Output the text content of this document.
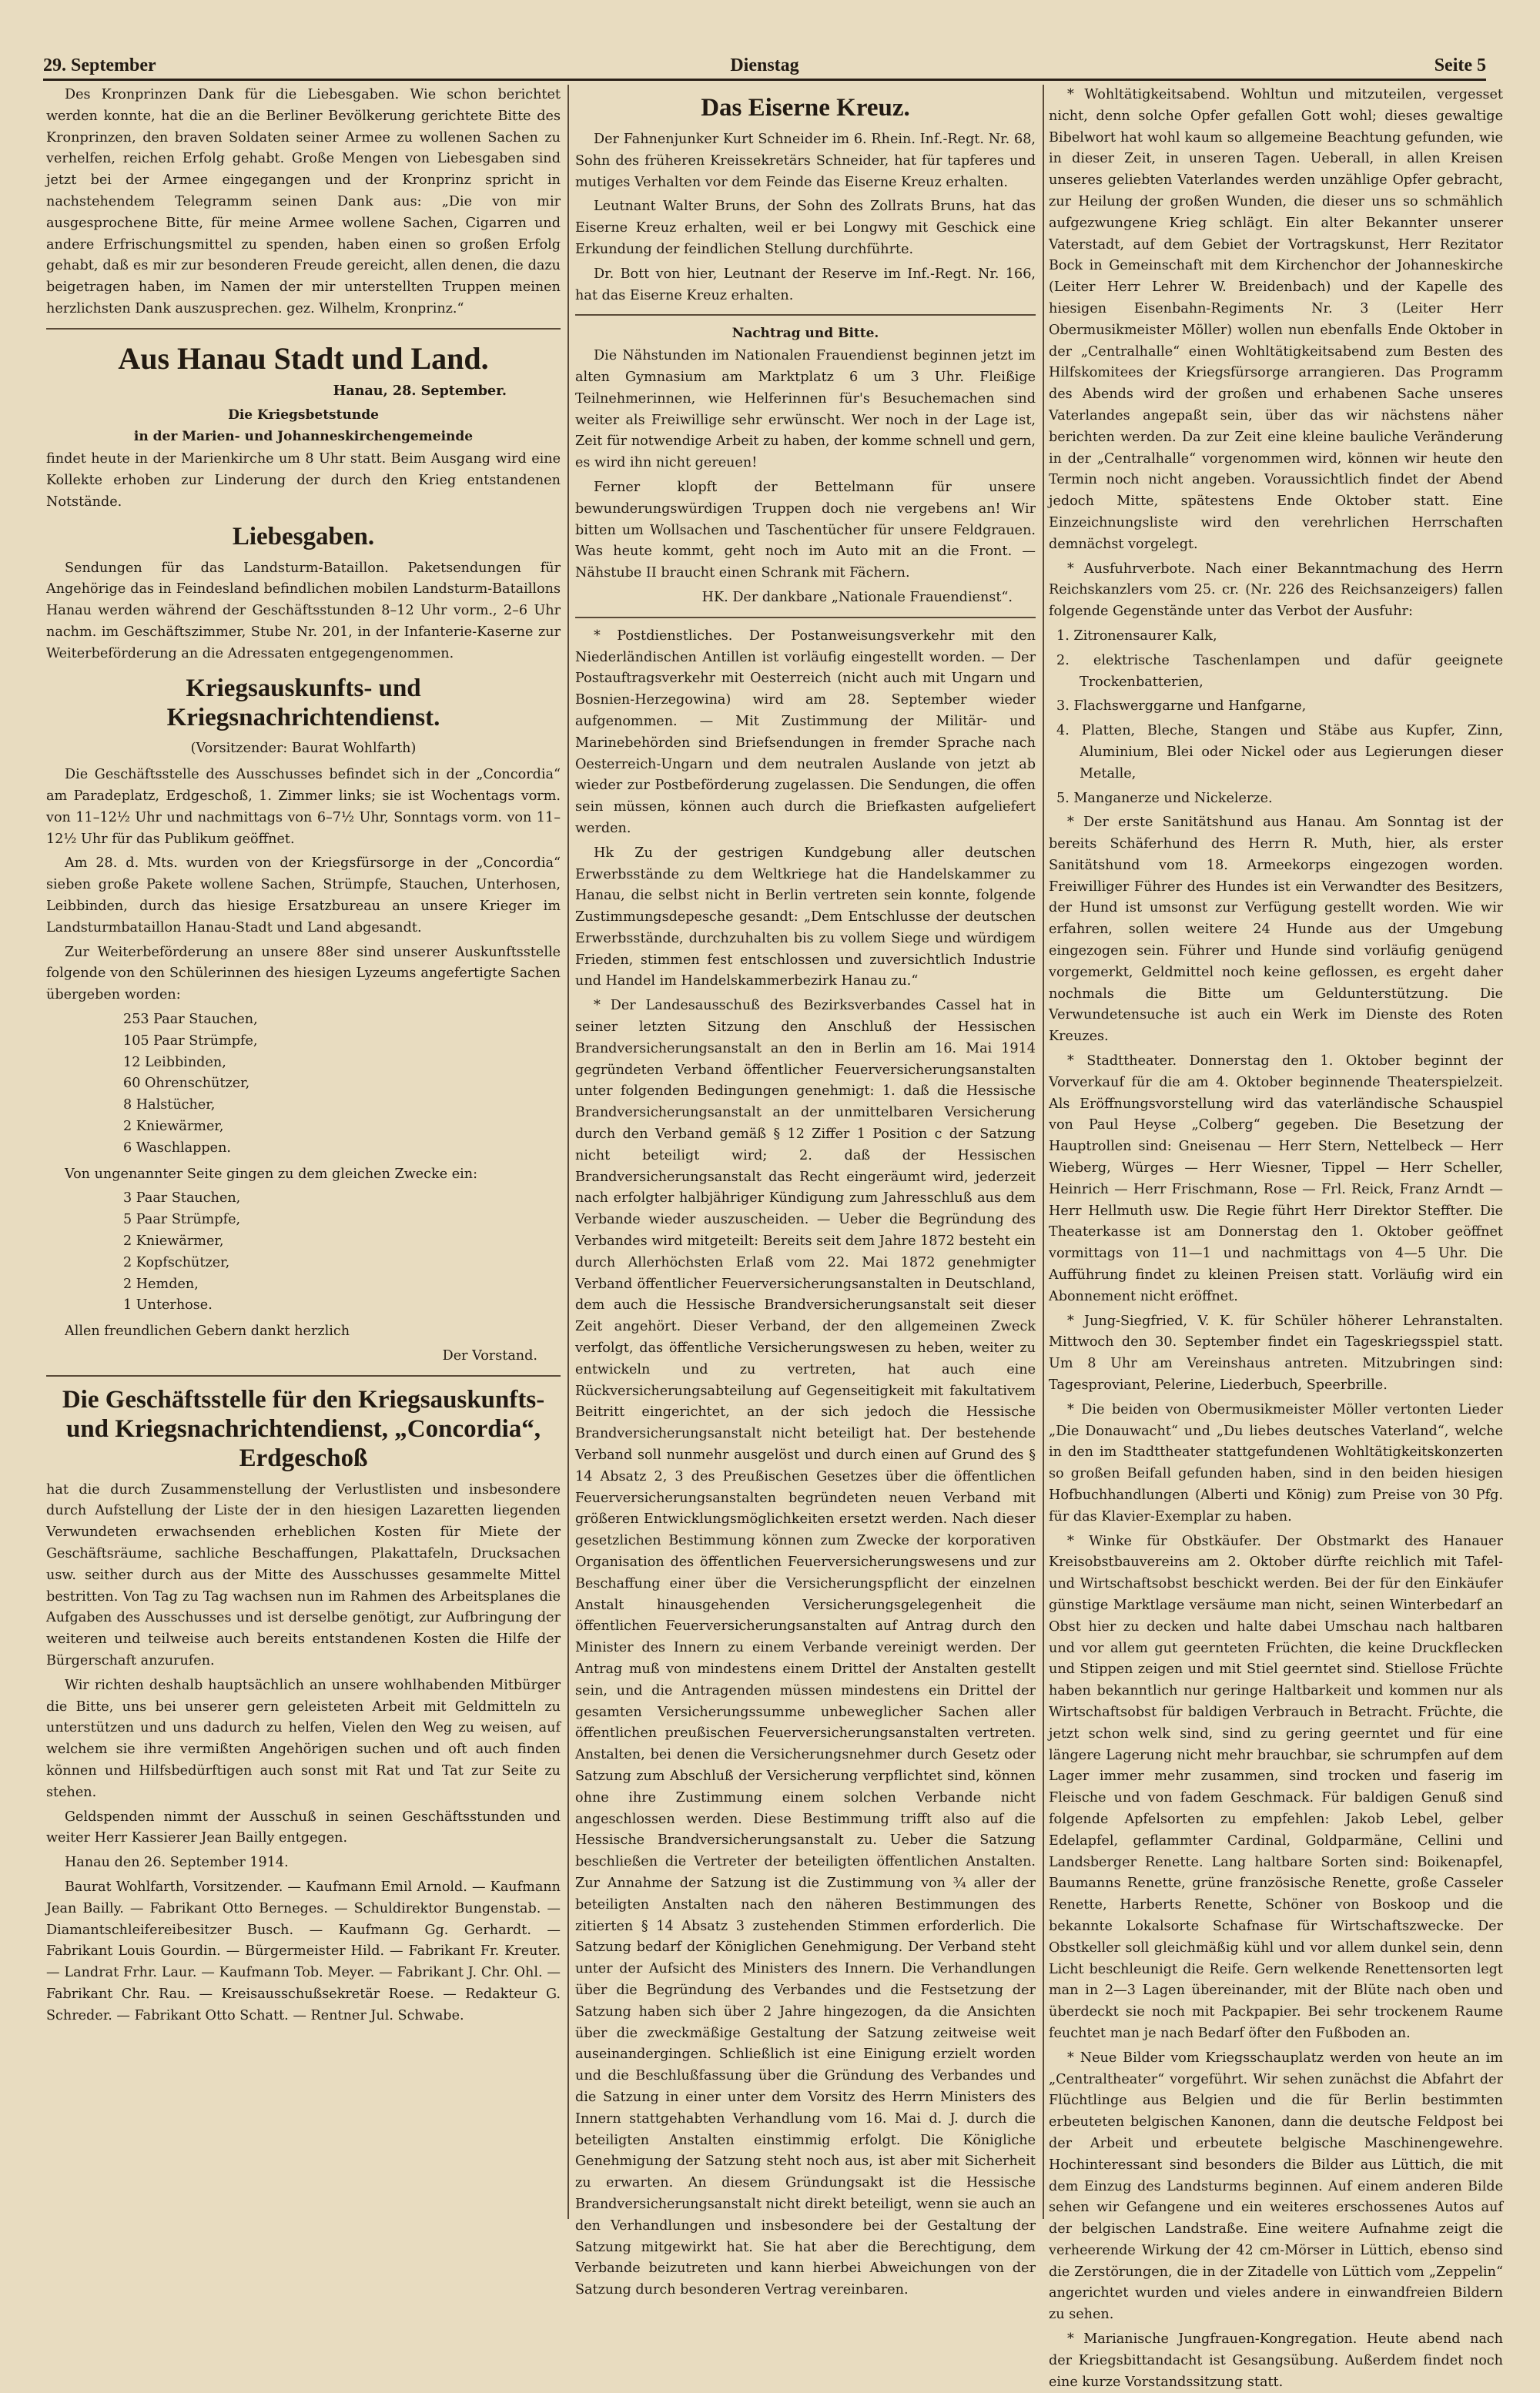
29. September	Dienstag	Seite 5

Des Kronprinzen Dank für die Liebesgaben. Wie schon berichtet werden konnte, hat die an die Berliner Bevölkerung gerichtete Bitte des Kronprinzen, den braven Soldaten seiner Armee zu wollenen Sachen zu verhelfen, reichen Erfolg gehabt. Große Mengen von Liebesgaben sind jetzt bei der Armee eingegangen und der Kronprinz spricht in nachstehendem Telegramm seinen Dank aus: „Die von mir ausgesprochene Bitte, für meine Armee wollene Sachen, Cigarren und andere Erfrischungsmittel zu spenden, haben einen so großen Erfolg gehabt, daß es mir zur besonderen Freude gereicht, allen denen, die dazu beigetragen haben, im Namen der mir unterstellten Truppen meinen herzlichsten Dank auszusprechen. gez. Wilhelm, Kronprinz.“

Aus Hanau Stadt und Land.

Hanau, 28. September.

Die Kriegsbetstunde

in der Marien- und Johanneskirchengemeinde

findet heute in der Marienkirche um 8 Uhr statt. Beim Ausgang wird eine Kollekte erhoben zur Linderung der durch den Krieg entstandenen Notstände.

Liebesgaben.

Sendungen für das Landsturm-Bataillon. Paketsendungen für Angehörige das in Feindesland befindlichen mobilen Landsturm-Bataillons Hanau werden während der Geschäftsstunden 8–12 Uhr vorm., 2–6 Uhr nachm. im Geschäftszimmer, Stube Nr. 201, in der Infanterie-Kaserne zur Weiterbeförderung an die Adressaten entgegengenommen.

Kriegsauskunfts- und Kriegsnachrichtendienst.

(Vorsitzender: Baurat Wohlfarth)

Die Geschäftsstelle des Ausschusses befindet sich in der „Concordia“ am Paradeplatz, Erdgeschoß, 1. Zimmer links; sie ist Wochentags vorm. von 11–12½ Uhr und nachmittags von 6–7½ Uhr, Sonntags vorm. von 11–12½ Uhr für das Publikum geöffnet.

Am 28. d. Mts. wurden von der Kriegsfürsorge in der „Concordia“ sieben große Pakete wollene Sachen, Strümpfe, Stauchen, Unterhosen, Leibbinden, durch das hiesige Ersatzbureau an unsere Krieger im Landsturmbataillon Hanau-Stadt und Land abgesandt.

Zur Weiterbeförderung an unsere 88er sind unserer Auskunftsstelle folgende von den Schülerinnen des hiesigen Lyzeums angefertigte Sachen übergeben worden:

253 Paar Stauchen,
105 Paar Strümpfe,
12 Leibbinden,
60 Ohrenschützer,
8 Halstücher,
2 Kniewärmer,
6 Waschlappen.

Von ungenannter Seite gingen zu dem gleichen Zwecke ein:

3 Paar Stauchen,
5 Paar Strümpfe,
2 Kniewärmer,
2 Kopfschützer,
2 Hemden,
1 Unterhose.

Allen freundlichen Gebern dankt herzlich

Der Vorstand.

Die Geschäftsstelle für den Kriegsauskunfts- und Kriegsnachrichtendienst, „Concordia“, Erdgeschoß

hat die durch Zusammenstellung der Verlustlisten und insbesondere durch Aufstellung der Liste der in den hiesigen Lazaretten liegenden Verwundeten erwachsenden erheblichen Kosten für Miete der Geschäftsräume, sachliche Beschaffungen, Plakattafeln, Drucksachen usw. seither durch aus der Mitte des Ausschusses gesammelte Mittel bestritten. Von Tag zu Tag wachsen nun im Rahmen des Arbeitsplanes die Aufgaben des Ausschusses und ist derselbe genötigt, zur Aufbringung der weiteren und teilweise auch bereits entstandenen Kosten die Hilfe der Bürgerschaft anzurufen.

Wir richten deshalb hauptsächlich an unsere wohlhabenden Mitbürger die Bitte, uns bei unserer gern geleisteten Arbeit mit Geldmitteln zu unterstützen und uns dadurch zu helfen, Vielen den Weg zu weisen, auf welchem sie ihre vermißten Angehörigen suchen und oft auch finden können und Hilfsbedürftigen auch sonst mit Rat und Tat zur Seite zu stehen.

Geldspenden nimmt der Ausschuß in seinen Geschäftsstunden und weiter Herr Kassierer Jean Bailly entgegen.

Hanau den 26. September 1914.

Baurat Wohlfarth, Vorsitzender. — Kaufmann Emil Arnold. — Kaufmann Jean Bailly. — Fabrikant Otto Berneges. — Schuldirektor Bungenstab. — Diamantschleifereibesitzer Busch. — Kaufmann Gg. Gerhardt. — Fabrikant Louis Gourdin. — Bürgermeister Hild. — Fabrikant Fr. Kreuter. — Landrat Frhr. Laur. — Kaufmann Tob. Meyer. — Fabrikant J. Chr. Ohl. — Fabrikant Chr. Rau. — Kreisausschußsekretär Roese. — Redakteur G. Schreder. — Fabrikant Otto Schatt. — Rentner Jul. Schwabe.

Das Eiserne Kreuz.

Der Fahnenjunker Kurt Schneider im 6. Rhein. Inf.-Regt. Nr. 68, Sohn des früheren Kreissekretärs Schneider, hat für tapferes und mutiges Verhalten vor dem Feinde das Eiserne Kreuz erhalten.

Leutnant Walter Bruns, der Sohn des Zollrats Bruns, hat das Eiserne Kreuz erhalten, weil er bei Longwy mit Geschick eine Erkundung der feindlichen Stellung durchführte.

Dr. Bott von hier, Leutnant der Reserve im Inf.-Regt. Nr. 166, hat das Eiserne Kreuz erhalten.

Nachtrag und Bitte.

Die Nähstunden im Nationalen Frauendienst beginnen jetzt im alten Gymnasium am Marktplatz 6 um 3 Uhr. Fleißige Teilnehmerinnen, wie Helferinnen für's Besuchemachen sind weiter als Freiwillige sehr erwünscht. Wer noch in der Lage ist, Zeit für notwendige Arbeit zu haben, der komme schnell und gern, es wird ihn nicht gereuen!

Ferner klopft der Bettelmann für unsere bewunderungswürdigen Truppen doch nie vergebens an! Wir bitten um Wollsachen und Taschentücher für unsere Feldgrauen. Was heute kommt, geht noch im Auto mit an die Front. — Nähstube II braucht einen Schrank mit Fächern.

HK. Der dankbare „Nationale Frauendienst“.

* Postdienstliches. Der Postanweisungsverkehr mit den Niederländischen Antillen ist vorläufig eingestellt worden. — Der Postauftragsverkehr mit Oesterreich (nicht auch mit Ungarn und Bosnien-Herzegowina) wird am 28. September wieder aufgenommen. — Mit Zustimmung der Militär- und Marinebehörden sind Briefsendungen in fremder Sprache nach Oesterreich-Ungarn und dem neutralen Auslande von jetzt ab wieder zur Postbeförderung zugelassen. Die Sendungen, die offen sein müssen, können auch durch die Briefkasten aufgeliefert werden.

Hk Zu der gestrigen Kundgebung aller deutschen Erwerbsstände zu dem Weltkriege hat die Handelskammer zu Hanau, die selbst nicht in Berlin vertreten sein konnte, folgende Zustimmungsdepesche gesandt: „Dem Entschlusse der deutschen Erwerbsstände, durchzuhalten bis zu vollem Siege und würdigem Frieden, stimmen fest entschlossen und zuversichtlich Industrie und Handel im Handelskammerbezirk Hanau zu.“

* Der Landesausschuß des Bezirksverbandes Cassel hat in seiner letzten Sitzung den Anschluß der Hessischen Brandversicherungsanstalt an den in Berlin am 16. Mai 1914 gegründeten Verband öffentlicher Feuerversicherungsanstalten unter folgenden Bedingungen genehmigt: 1. daß die Hessische Brandversicherungsanstalt an der unmittelbaren Versicherung durch den Verband gemäß § 12 Ziffer 1 Position c der Satzung nicht beteiligt wird; 2. daß der Hessischen Brandversicherungsanstalt das Recht eingeräumt wird, jederzeit nach erfolgter halbjähriger Kündigung zum Jahresschluß aus dem Verbande wieder auszuscheiden. — Ueber die Begründung des Verbandes wird mitgeteilt: Bereits seit dem Jahre 1872 besteht ein durch Allerhöchsten Erlaß vom 22. Mai 1872 genehmigter Verband öffentlicher Feuerversicherungsanstalten in Deutschland, dem auch die Hessische Brandversicherungsanstalt seit dieser Zeit angehört. Dieser Verband, der den allgemeinen Zweck verfolgt, das öffentliche Versicherungswesen zu heben, weiter zu entwickeln und zu vertreten, hat auch eine Rückversicherungsabteilung auf Gegenseitigkeit mit fakultativem Beitritt eingerichtet, an der sich jedoch die Hessische Brandversicherungsanstalt nicht beteiligt hat. Der bestehende Verband soll nunmehr ausgelöst und durch einen auf Grund des § 14 Absatz 2, 3 des Preußischen Gesetzes über die öffentlichen Feuerversicherungsanstalten begründeten neuen Verband mit größeren Entwicklungsmöglichkeiten ersetzt werden. Nach dieser gesetzlichen Bestimmung können zum Zwecke der korporativen Organisation des öffentlichen Feuerversicherungswesens und zur Beschaffung einer über die Versicherungspflicht der einzelnen Anstalt hinausgehenden Versicherungsgelegenheit die öffentlichen Feuerversicherungsanstalten auf Antrag durch den Minister des Innern zu einem Verbande vereinigt werden. Der Antrag muß von mindestens einem Drittel der Anstalten gestellt sein, und die Antragenden müssen mindestens ein Drittel der gesamten Versicherungssumme unbeweglicher Sachen aller öffentlichen preußischen Feuerversicherungsanstalten vertreten. Anstalten, bei denen die Versicherungsnehmer durch Gesetz oder Satzung zum Abschluß der Versicherung verpflichtet sind, können ohne ihre Zustimmung einem solchen Verbande nicht angeschlossen werden. Diese Bestimmung trifft also auf die Hessische Brandversicherungsanstalt zu. Ueber die Satzung beschließen die Vertreter der beteiligten öffentlichen Anstalten. Zur Annahme der Satzung ist die Zustimmung von ¾ aller der beteiligten Anstalten nach den näheren Bestimmungen des zitierten § 14 Absatz 3 zustehenden Stimmen erforderlich. Die Satzung bedarf der Königlichen Genehmigung. Der Verband steht unter der Aufsicht des Ministers des Innern. Die Verhandlungen über die Begründung des Verbandes und die Festsetzung der Satzung haben sich über 2 Jahre hingezogen, da die Ansichten über die zweckmäßige Gestaltung der Satzung zeitweise weit auseinandergingen. Schließlich ist eine Einigung erzielt worden und die Beschlußfassung über die Gründung des Verbandes und die Satzung in einer unter dem Vorsitz des Herrn Ministers des Innern stattgehabten Verhandlung vom 16. Mai d. J. durch die beteiligten Anstalten einstimmig erfolgt. Die Königliche Genehmigung der Satzung steht noch aus, ist aber mit Sicherheit zu erwarten. An diesem Gründungsakt ist die Hessische Brandversicherungsanstalt nicht direkt beteiligt, wenn sie auch an den Verhandlungen und insbesondere bei der Gestaltung der Satzung mitgewirkt hat. Sie hat aber die Berechtigung, dem Verbande beizutreten und kann hierbei Abweichungen von der Satzung durch besonderen Vertrag vereinbaren.

* Wohltätigkeitsabend. Wohltun und mitzuteilen, vergesset nicht, denn solche Opfer gefallen Gott wohl; dieses gewaltige Bibelwort hat wohl kaum so allgemeine Beachtung gefunden, wie in dieser Zeit, in unseren Tagen. Ueberall, in allen Kreisen unseres geliebten Vaterlandes werden unzählige Opfer gebracht, zur Heilung der großen Wunden, die dieser uns so schmählich aufgezwungene Krieg schlägt. Ein alter Bekannter unserer Vaterstadt, auf dem Gebiet der Vortragskunst, Herr Rezitator Bock in Gemeinschaft mit dem Kirchenchor der Johanneskirche (Leiter Herr Lehrer W. Breidenbach) und der Kapelle des hiesigen Eisenbahn-Regiments Nr. 3 (Leiter Herr Obermusikmeister Möller) wollen nun ebenfalls Ende Oktober in der „Centralhalle“ einen Wohltätigkeitsabend zum Besten des Hilfskomitees der Kriegsfürsorge arrangieren. Das Programm des Abends wird der großen und erhabenen Sache unseres Vaterlandes angepaßt sein, über das wir nächstens näher berichten werden. Da zur Zeit eine kleine bauliche Veränderung in der „Centralhalle“ vorgenommen wird, können wir heute den Termin noch nicht angeben. Voraussichtlich findet der Abend jedoch Mitte, spätestens Ende Oktober statt. Eine Einzeichnungsliste wird den verehrlichen Herrschaften demnächst vorgelegt.

* Ausfuhrverbote. Nach einer Bekanntmachung des Herrn Reichskanzlers vom 25. cr. (Nr. 226 des Reichsanzeigers) fallen folgende Gegenstände unter das Verbot der Ausfuhr:

1. Zitronensaurer Kalk,

2. elektrische Taschenlampen und dafür geeignete Trockenbatterien,

3. Flachswerggarne und Hanfgarne,

4. Platten, Bleche, Stangen und Stäbe aus Kupfer, Zinn, Aluminium, Blei oder Nickel oder aus Legierungen dieser Metalle,

5. Manganerze und Nickelerze.

* Der erste Sanitätshund aus Hanau. Am Sonntag ist der bereits Schäferhund des Herrn R. Muth, hier, als erster Sanitätshund vom 18. Armeekorps eingezogen worden. Freiwilliger Führer des Hundes ist ein Verwandter des Besitzers, der Hund ist umsonst zur Verfügung gestellt worden. Wie wir erfahren, sollen weitere 24 Hunde aus der Umgebung eingezogen sein. Führer und Hunde sind vorläufig genügend vorgemerkt, Geldmittel noch keine geflossen, es ergeht daher nochmals die Bitte um Geldunterstützung. Die Verwundetensuche ist auch ein Werk im Dienste des Roten Kreuzes.

* Stadttheater. Donnerstag den 1. Oktober beginnt der Vorverkauf für die am 4. Oktober beginnende Theaterspielzeit. Als Eröffnungsvorstellung wird das vaterländische Schauspiel von Paul Heyse „Colberg“ gegeben. Die Besetzung der Hauptrollen sind: Gneisenau — Herr Stern, Nettelbeck — Herr Wieberg, Würges — Herr Wiesner, Tippel — Herr Scheller, Heinrich — Herr Frischmann, Rose — Frl. Reick, Franz Arndt — Herr Hellmuth usw. Die Regie führt Herr Direktor Steffter. Die Theaterkasse ist am Donnerstag den 1. Oktober geöffnet vormittags von 11—1 und nachmittags von 4—5 Uhr. Die Aufführung findet zu kleinen Preisen statt. Vorläufig wird ein Abonnement nicht eröffnet.

* Jung-Siegfried, V. K. für Schüler höherer Lehranstalten. Mittwoch den 30. September findet ein Tageskriegsspiel statt. Um 8 Uhr am Vereinshaus antreten. Mitzubringen sind: Tagesproviant, Pelerine, Liederbuch, Speerbrille.

* Die beiden von Obermusikmeister Möller vertonten Lieder „Die Donauwacht“ und „Du liebes deutsches Vaterland“, welche in den im Stadttheater stattgefundenen Wohltätigkeitskonzerten so großen Beifall gefunden haben, sind in den beiden hiesigen Hofbuchhandlungen (Alberti und König) zum Preise von 30 Pfg. für das Klavier-Exemplar zu haben.

* Winke für Obstkäufer. Der Obstmarkt des Hanauer Kreisobstbauvereins am 2. Oktober dürfte reichlich mit Tafel- und Wirtschaftsobst beschickt werden. Bei der für den Einkäufer günstige Marktlage versäume man nicht, seinen Winterbedarf an Obst hier zu decken und halte dabei Umschau nach haltbaren und vor allem gut geernteten Früchten, die keine Druckflecken und Stippen zeigen und mit Stiel geerntet sind. Stiellose Früchte haben bekanntlich nur geringe Haltbarkeit und kommen nur als Wirtschaftsobst für baldigen Verbrauch in Betracht. Früchte, die jetzt schon welk sind, sind zu gering geerntet und für eine längere Lagerung nicht mehr brauchbar, sie schrumpfen auf dem Lager immer mehr zusammen, sind trocken und faserig im Fleische und von fadem Geschmack. Für baldigen Genuß sind folgende Apfelsorten zu empfehlen: Jakob Lebel, gelber Edelapfel, geflammter Cardinal, Goldparmäne, Cellini und Landsberger Renette. Lang haltbare Sorten sind: Boikenapfel, Baumanns Renette, grüne französische Renette, große Casseler Renette, Harberts Renette, Schöner von Boskoop und die bekannte Lokalsorte Schafnase für Wirtschaftszwecke. Der Obstkeller soll gleichmäßig kühl und vor allem dunkel sein, denn Licht beschleunigt die Reife. Gern welkende Renettensorten legt man in 2—3 Lagen übereinander, mit der Blüte nach oben und überdeckt sie noch mit Packpapier. Bei sehr trockenem Raume feuchtet man je nach Bedarf öfter den Fußboden an.

* Neue Bilder vom Kriegsschauplatz werden von heute an im „Centraltheater“ vorgeführt. Wir sehen zunächst die Abfahrt der Flüchtlinge aus Belgien und die für Berlin bestimmten erbeuteten belgischen Kanonen, dann die deutsche Feldpost bei der Arbeit und erbeutete belgische Maschinengewehre. Hochinteressant sind besonders die Bilder aus Lüttich, die mit dem Einzug des Landsturms beginnen. Auf einem anderen Bilde sehen wir Gefangene und ein weiteres erschossenes Autos auf der belgischen Landstraße. Eine weitere Aufnahme zeigt die verheerende Wirkung der 42 cm-Mörser in Lüttich, ebenso sind die Zerstörungen, die in der Zitadelle von Lüttich vom „Zeppelin“ angerichtet wurden und vieles andere in einwandfreien Bildern zu sehen.

* Marianische Jungfrauen-Kongregation. Heute abend nach der Kriegsbittandacht ist Gesangsübung. Außerdem findet noch eine kurze Vorstandssitzung statt.
